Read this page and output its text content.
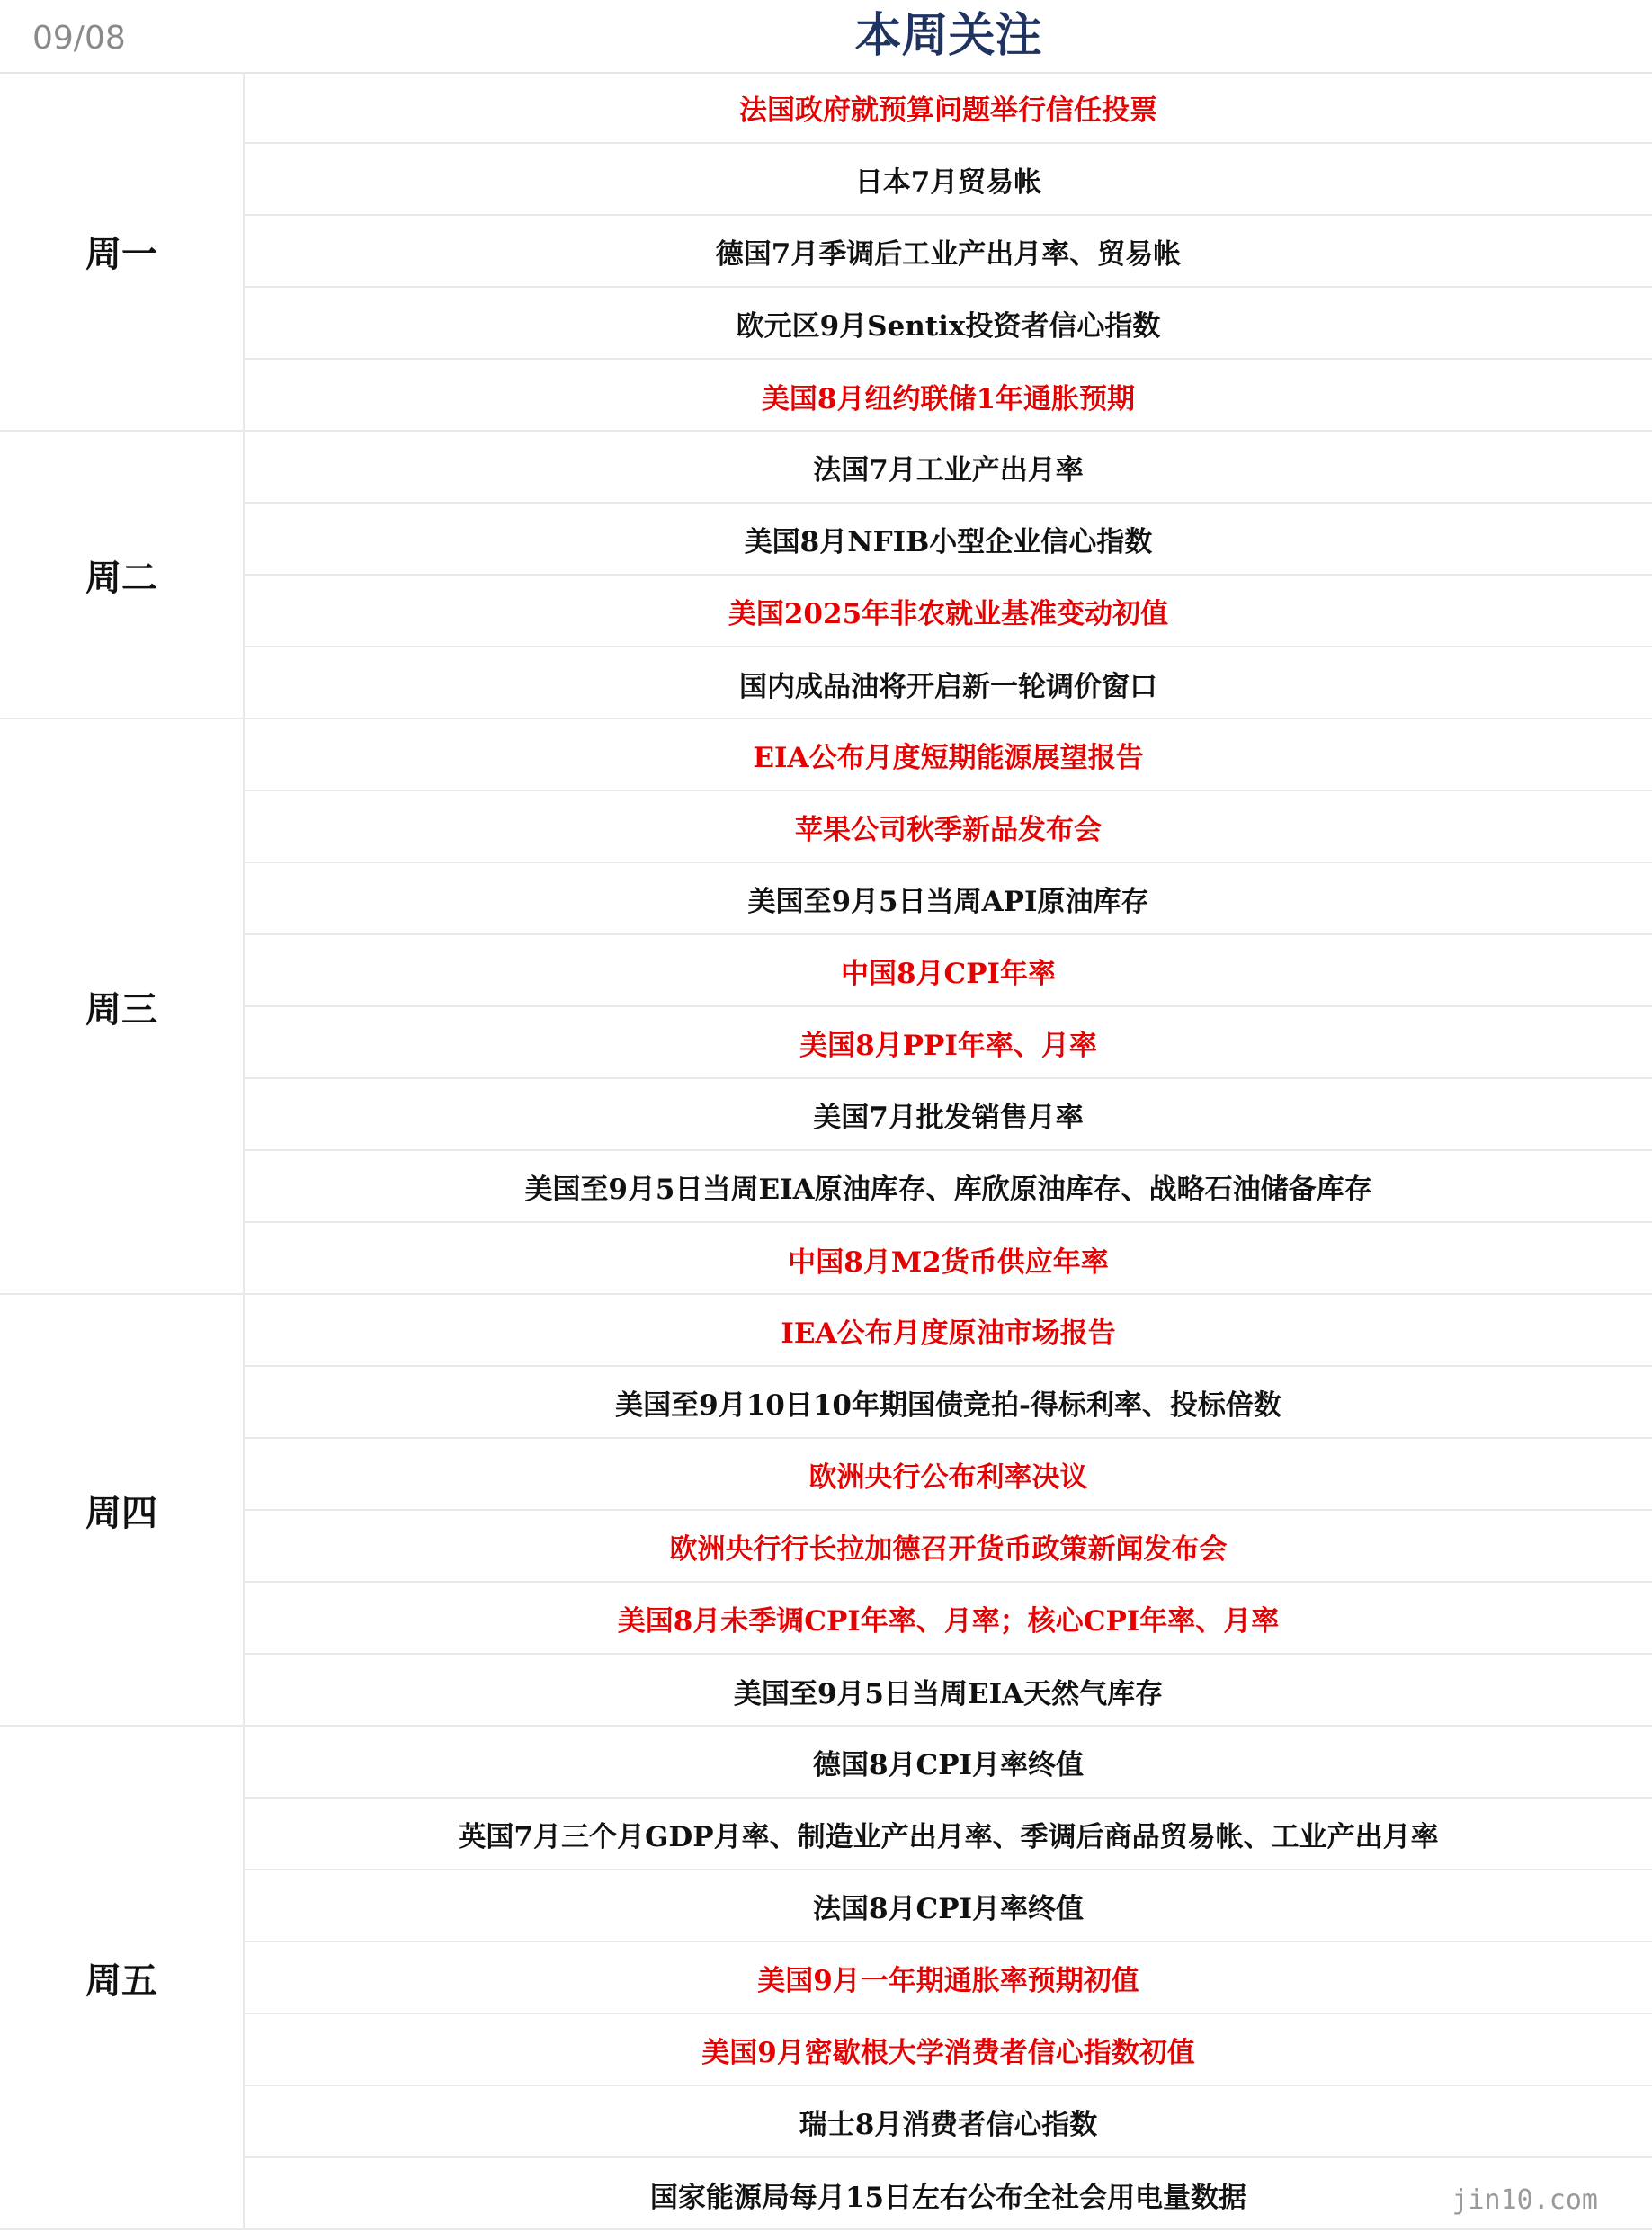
09/08	本周关注
周一
法国政府就预算问题举行信任投票
日本7月贸易帐
德国7月季调后工业产出月率、贸易帐
欧元区9月Sentix投资者信心指数
美国8月纽约联储1年通胀预期
周二
法国7月工业产出月率
美国8月NFIB小型企业信心指数
美国2025年非农就业基准变动初值
国内成品油将开启新一轮调价窗口
周三
EIA公布月度短期能源展望报告
苹果公司秋季新品发布会
美国至9月5日当周API原油库存
中国8月CPI年率
美国8月PPI年率、月率
美国7月批发销售月率
美国至9月5日当周EIA原油库存、库欣原油库存、战略石油储备库存
中国8月M2货币供应年率
周四
IEA公布月度原油市场报告
美国至9月10日10年期国债竞拍-得标利率、投标倍数
欧洲央行公布利率决议
欧洲央行行长拉加德召开货币政策新闻发布会
美国8月未季调CPI年率、月率；核心CPI年率、月率
美国至9月5日当周EIA天然气库存
周五
德国8月CPI月率终值
英国7月三个月GDP月率、制造业产出月率、季调后商品贸易帐、工业产出月率
法国8月CPI月率终值
美国9月一年期通胀率预期初值
美国9月密歇根大学消费者信心指数初值
瑞士8月消费者信心指数
国家能源局每月15日左右公布全社会用电量数据	jin10.com
